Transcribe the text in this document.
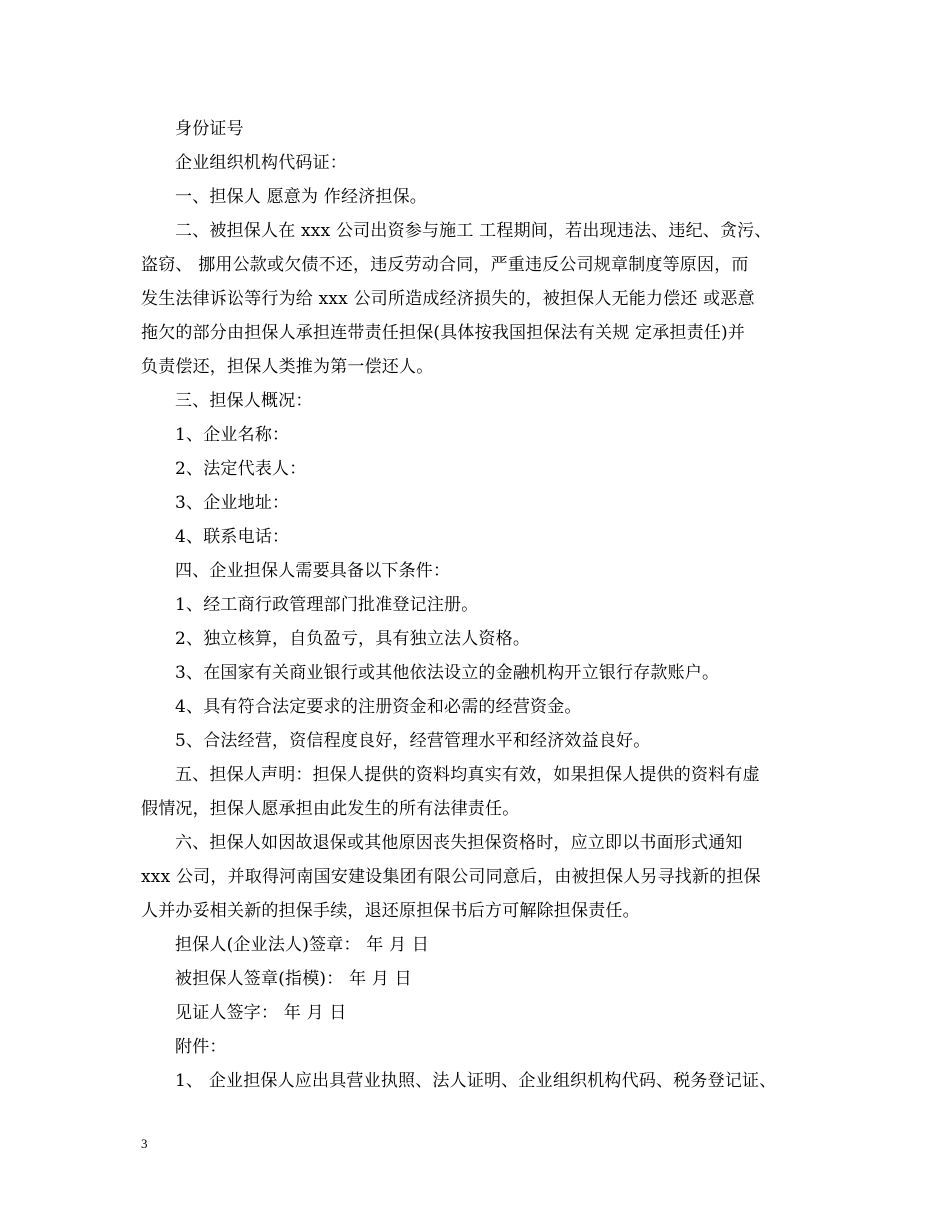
身份证号
企业组织机构代码证：
一、担保人 愿意为 作经济担保。
二、被担保人在 xxx 公司出资参与施工 工程期间，若出现违法、违纪、贪污、
盗窃、 挪用公款或欠债不还，违反劳动合同，严重违反公司规章制度等原因，而
发生法律诉讼等行为给 xxx 公司所造成经济损失的，被担保人无能力偿还 或恶意
拖欠的部分由担保人承担连带责任担保(具体按我国担保法有关规 定承担责任)并
负责偿还，担保人类推为第一偿还人。
三、担保人概况：
1、企业名称：
2、法定代表人：
3、企业地址：
4、联系电话：
四、企业担保人需要具备以下条件：
1、经工商行政管理部门批准登记注册。
2、独立核算，自负盈亏，具有独立法人资格。
3、在国家有关商业银行或其他依法设立的金融机构开立银行存款账户。
4、具有符合法定要求的注册资金和必需的经营资金。
5、合法经营，资信程度良好，经营管理水平和经济效益良好。
五、担保人声明：担保人提供的资料均真实有效，如果担保人提供的资料有虚
假情况，担保人愿承担由此发生的所有法律责任。
六、担保人如因故退保或其他原因丧失担保资格时，应立即以书面形式通知
xxx 公司，并取得河南国安建设集团有限公司同意后，由被担保人另寻找新的担保
人并办妥相关新的担保手续，退还原担保书后方可解除担保责任。
担保人(企业法人)签章： 年 月 日
被担保人签章(指模)： 年 月 日
见证人签字： 年 月 日
附件：
1、 企业担保人应出具营业执照、法人证明、企业组织机构代码、税务登记证、
3
